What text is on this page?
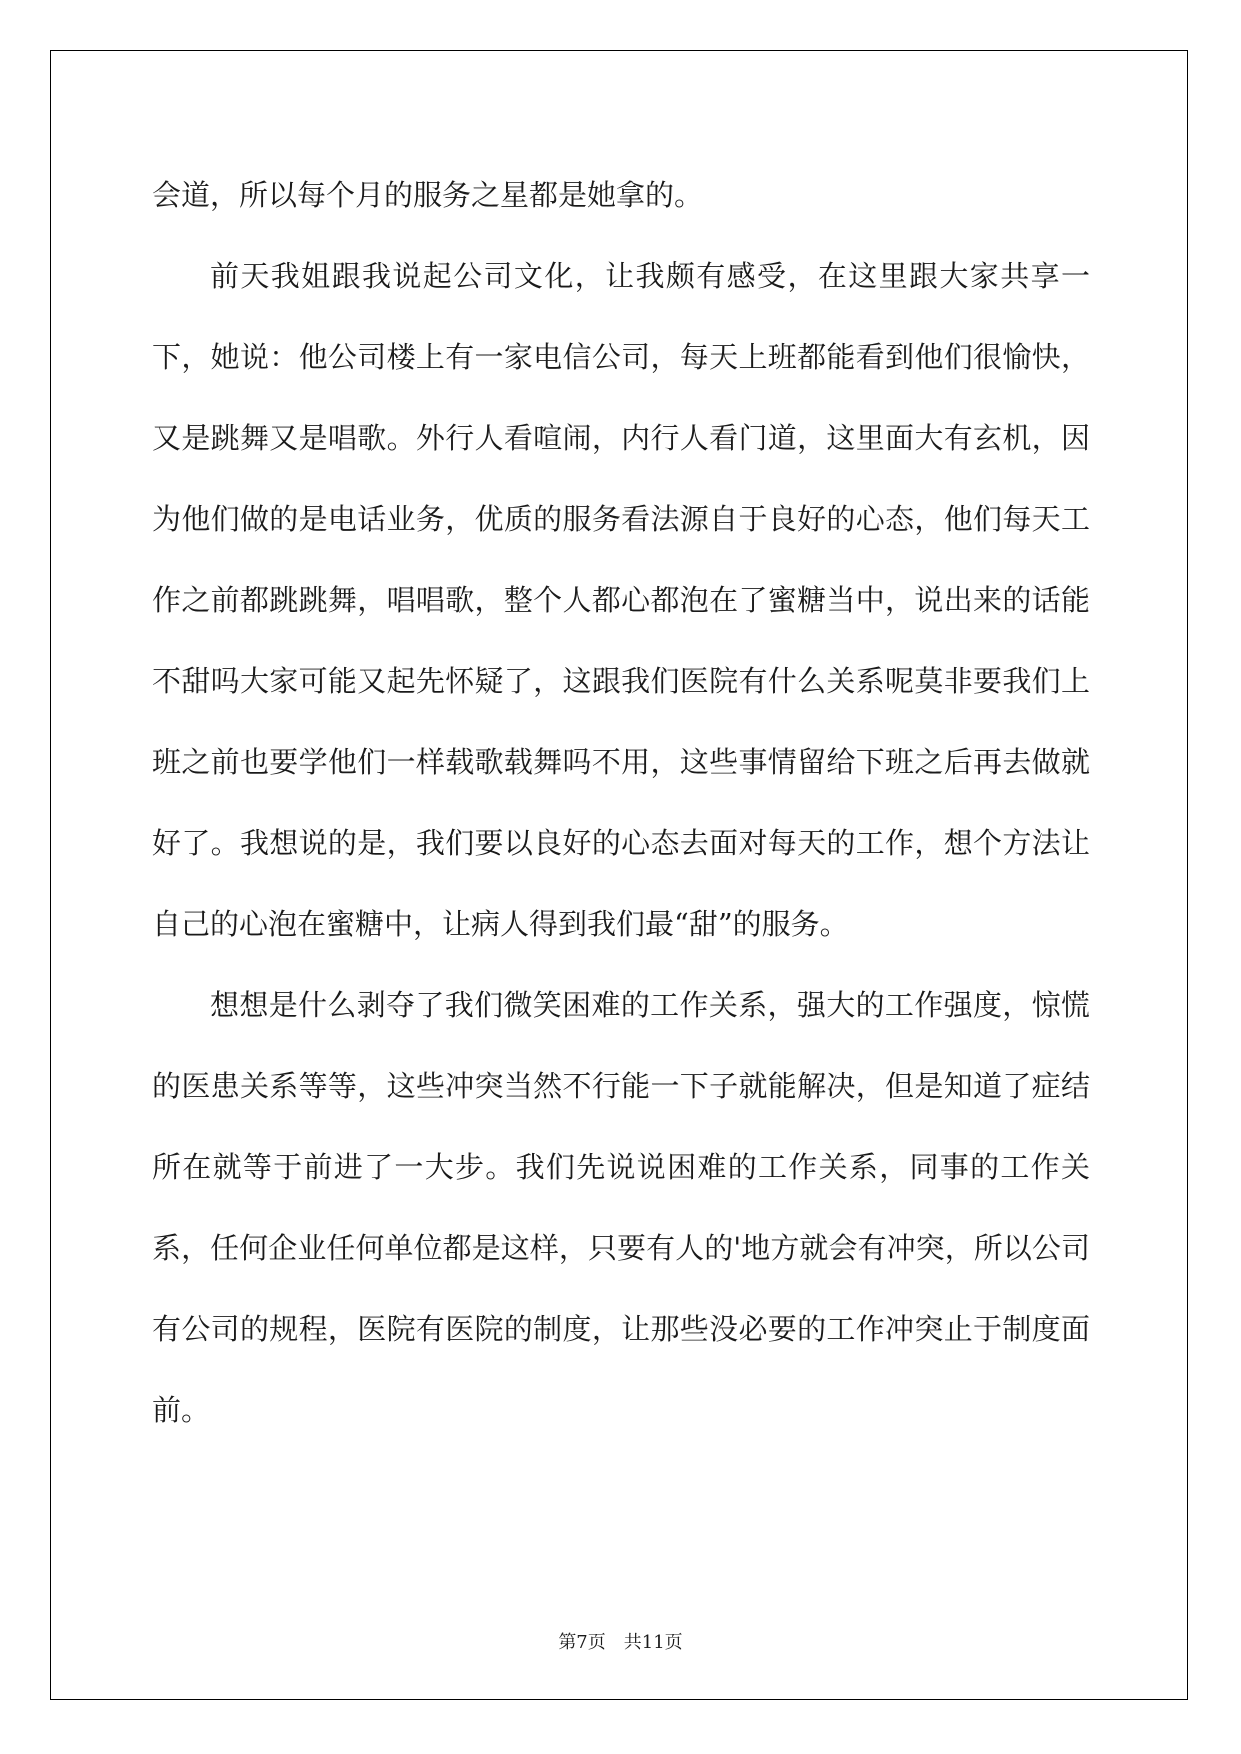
会道，所以每个月的服务之星都是她拿的。

前天我姐跟我说起公司文化，让我颇有感受，在这里跟大家共享一下，她说：他公司楼上有一家电信公司，每天上班都能看到他们很愉快，又是跳舞又是唱歌。外行人看喧闹，内行人看门道，这里面大有玄机，因为他们做的是电话业务，优质的服务看法源自于良好的心态，他们每天工作之前都跳跳舞，唱唱歌，整个人都心都泡在了蜜糖当中，说出来的话能不甜吗大家可能又起先怀疑了，这跟我们医院有什么关系呢莫非要我们上班之前也要学他们一样载歌载舞吗不用，这些事情留给下班之后再去做就好了。我想说的是，我们要以良好的心态去面对每天的工作，想个方法让自己的心泡在蜜糖中，让病人得到我们最“甜”的服务。

想想是什么剥夺了我们微笑困难的工作关系，强大的工作强度，惊慌的医患关系等等，这些冲突当然不行能一下子就能解决，但是知道了症结所在就等于前进了一大步。我们先说说困难的工作关系，同事的工作关系，任何企业任何单位都是这样，只要有人的'地方就会有冲突，所以公司有公司的规程，医院有医院的制度，让那些没必要的工作冲突止于制度面前。

第7页 共11页
